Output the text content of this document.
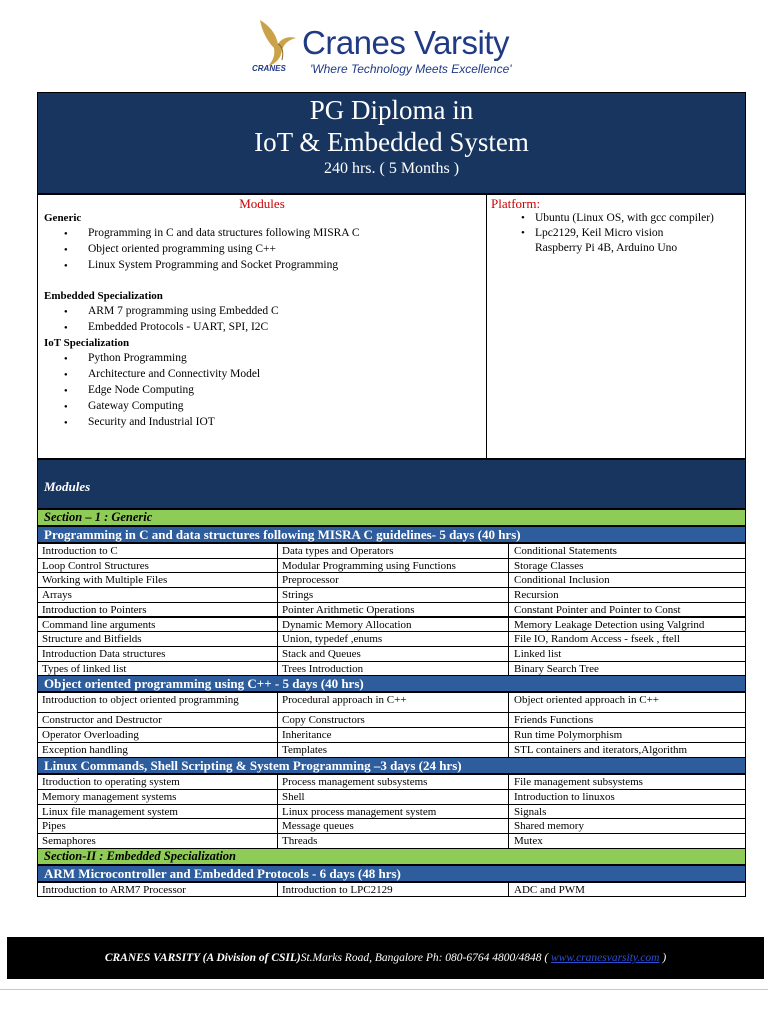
Cranes Varsity
'Where Technology Meets Excellence'
CRANES
PG Diploma in
IoT & Embedded System
240 hrs. ( 5 Months )
Modules	Platform:
Generic
● Programming in C and data structures following MISRA C
● Object oriented programming using C++
● Linux System Programming and Socket Programming
Embedded Specialization
● ARM 7 programming using Embedded C
● Embedded Protocols - UART, SPI, I2C
IoT Specialization
● Python Programming
● Architecture and Connectivity Model
● Edge Node Computing
● Gateway Computing
● Security and Industrial IOT
• Ubuntu (Linux OS, with gcc compiler)
• Lpc2129, Keil Micro vision
Raspberry Pi 4B, Arduino Uno
Modules
Section – 1 : Generic
Programming in C and data structures following MISRA C guidelines- 5 days (40 hrs)
Introduction to C	Data types and Operators	Conditional Statements
Loop Control Structures	Modular Programming using Functions	Storage Classes
Working with Multiple Files	Preprocessor	Conditional Inclusion
Arrays	Strings	Recursion
Introduction to Pointers	Pointer Arithmetic Operations	Constant Pointer and Pointer to Const
Command line arguments	Dynamic Memory Allocation	Memory Leakage Detection using Valgrind
Structure and Bitfields	Union, typedef ,enums	File IO, Random Access - fseek , ftell
Introduction Data structures	Stack and Queues	Linked list
Types of linked list	Trees Introduction	Binary Search Tree
Object oriented programming using C++ - 5 days (40 hrs)
Introduction to object oriented programming	Procedural approach in C++	Object oriented approach in C++
Constructor and Destructor	Copy Constructors	Friends Functions
Operator Overloading	Inheritance	Run time Polymorphism
Exception handling	Templates	STL containers and iterators,Algorithm
Linux Commands, Shell Scripting & System Programming –3 days (24 hrs)
Itroduction to operating system	Process management subsystems	File management subsystems
Memory management systems	Shell	Introduction to linuxos
Linux file management system	Linux process management system	Signals
Pipes	Message queues	Shared memory
Semaphores	Threads	Mutex
Section-II : Embedded Specialization
ARM Microcontroller and Embedded Protocols - 6 days (48 hrs)
Introduction to ARM7 Processor	Introduction to LPC2129	ADC and PWM
CRANES VARSITY (A Division of CSIL)St.Marks Road, Bangalore Ph: 080-6764 4800/4848 ( www.cranesvarsity.com )
